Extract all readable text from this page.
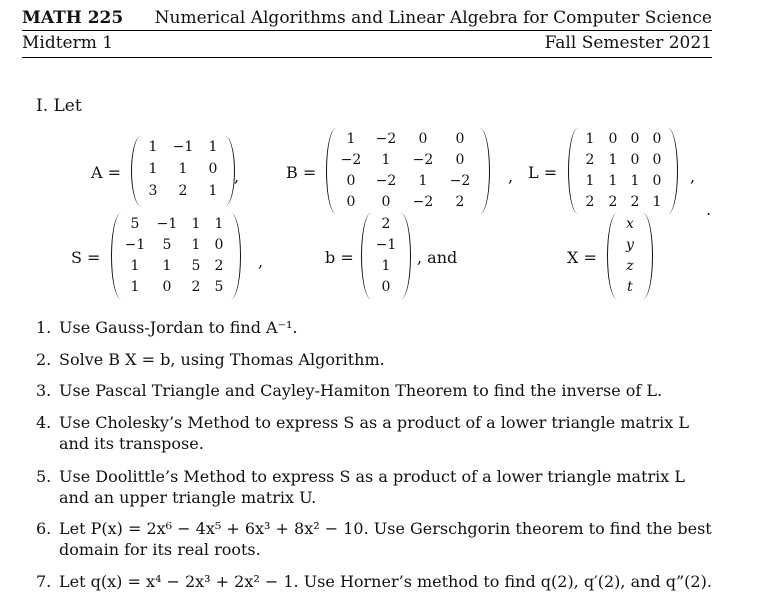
MATH 225 Numerical Algorithms and Linear Algebra for Computer Science
Midterm 1	Fall Semester 2021
I. Let
A =
1	−1	1
1	1	0
3	2	1
,	B =
1	−2	0	0
−2	1	−2	0
0	−2	1	−2
0	0	−2	2
, L =
1	0 0 0
2	1 0 0
1	1 1 0
2	2 2 1
,
S =
5	−1	1	1
−1	5	1	0
1	1	5	2
1	0	2	5
,	b =
2
−1
1
0
, and	X =
x
y
z
t
.
1. Use Gauss-Jordan to find A⁻¹.
2. Solve B X = b, using Thomas Algorithm.
3. Use Pascal Triangle and Cayley-Hamiton Theorem to find the inverse of L.
4. Use Cholesky’s Method to express S as a product of a lower triangle matrix L and its transpose.
5. Use Doolittle’s Method to express S as a product of a lower triangle matrix L and an upper triangle matrix U.
6. Let P(x) = 2x⁶ − 4x⁵ + 6x³ + 8x² − 10. Use Gerschgorin theorem to find the best domain for its real roots.
7. Let q(x) = x⁴ − 2x³ + 2x² − 1. Use Horner’s method to find q(2), q′(2), and q”(2).
